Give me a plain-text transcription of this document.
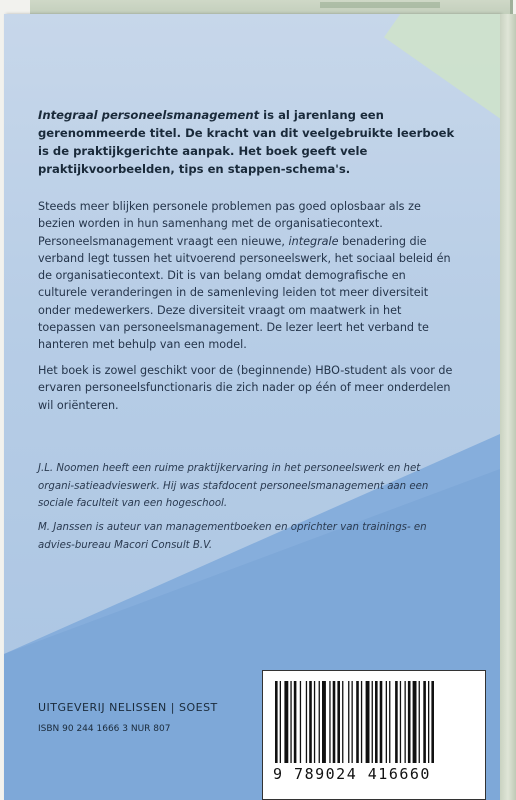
Integraal personeelsmanagement is al jarenlang een gerenommeerde titel. De kracht van dit veelgebruikte leerboek is de praktijkgerichte aanpak. Het boek geeft vele praktijkvoorbeelden, tips en stappen-schema's.

Steeds meer blijken personele problemen pas goed oplosbaar als ze bezien worden in hun samenhang met de organisatiecontext. Personeelsmanagement vraagt een nieuwe, integrale benadering die verband legt tussen het uitvoerend personeelswerk, het sociaal beleid én de organisatiecontext. Dit is van belang omdat demografische en culturele veranderingen in de samenleving leiden tot meer diversiteit onder medewerkers. Deze diversiteit vraagt om maatwerk in het toepassen van personeelsmanagement. De lezer leert het verband te hanteren met behulp van een model.

Het boek is zowel geschikt voor de (beginnende) HBO-student als voor de ervaren personeelsfunctionaris die zich nader op één of meer onderdelen wil oriënteren.

J.L. Noomen heeft een ruime praktijkervaring in het personeelswerk en het organi-satieadvieswerk. Hij was stafdocent personeelsmanagement aan een sociale faculteit van een hogeschool.

M. Janssen is auteur van managementboeken en oprichter van trainings- en advies-bureau Macori Consult B.V.

UITGEVERIJ NELISSEN | SOEST
ISBN 90 244 1666 3 NUR 807
9 789024 416660
